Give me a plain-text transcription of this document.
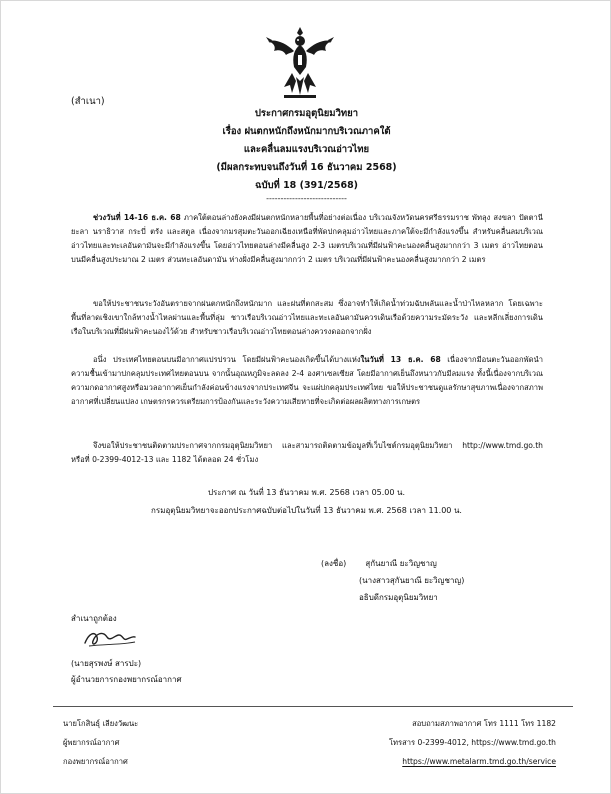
(สำเนา)
ประกาศกรมอุตุนิยมวิทยา
เรื่อง ฝนตกหนักถึงหนักมากบริเวณภาคใต้
และคลื่นลมแรงบริเวณอ่าวไทย
(มีผลกระทบจนถึงวันที่ 16 ธันวาคม 2568)
ฉบับที่ 18 (391/2568)
----------------------------

ช่วงวันที่ 14-16 ธ.ค. 68 ภาคใต้ตอนล่างยังคงมีฝนตกหนักหลายพื้นที่อย่างต่อเนื่อง บริเวณจังหวัดนครศรีธรรมราช พัทลุง สงขลา ปัตตานี ยะลา นราธิวาส กระบี่ ตรัง และสตูล เนื่องจากมรสุมตะวันออกเฉียงเหนือที่พัดปกคลุมอ่าวไทยและภาคใต้จะมีกำลังแรงขึ้น สำหรับคลื่นลมบริเวณอ่าวไทยและทะเลอันดามันจะมีกำลังแรงขึ้น โดยอ่าวไทยตอนล่างมีคลื่นสูง 2-3 เมตรบริเวณที่มีฝนฟ้าคะนองคลื่นสูงมากกว่า 3 เมตร อ่าวไทยตอนบนมีคลื่นสูงประมาณ 2 เมตร ส่วนทะเลอันดามัน ห่างฝั่งมีคลื่นสูงมากกว่า 2 เมตร บริเวณที่มีฝนฟ้าคะนองคลื่นสูงมากกว่า 2 เมตร

ขอให้ประชาชนระวังอันตรายจากฝนตกหนักถึงหนักมาก และฝนที่ตกสะสม ซึ่งอาจทำให้เกิดน้ำท่วมฉับพลันและน้ำป่าไหลหลาก โดยเฉพาะพื้นที่ลาดเชิงเขาใกล้ทางน้ำไหลผ่านและพื้นที่ลุ่ม ชาวเรือบริเวณอ่าวไทยและทะเลอันดามันควรเดินเรือด้วยความระมัดระวัง และหลีกเลี่ยงการเดินเรือในบริเวณที่มีฝนฟ้าคะนองไว้ด้วย สำหรับชาวเรือบริเวณอ่าวไทยตอนล่างควรงดออกจากฝั่ง

อนึ่ง ประเทศไทยตอนบนมีอากาศแปรปรวน โดยมีฝนฟ้าคะนองเกิดขึ้นได้บางแห่งในวันที่ 13 ธ.ค. 68 เนื่องจากมีอนตะวันออกพัดนำความชื้นเข้ามาปกคลุมประเทศไทยตอนบน จากนั้นอุณหภูมิจะลดลง 2-4 องศาเซลเซียส โดยมีอากาศเย็นถึงหนาวกับมีลมแรง ทั้งนี้เนื่องจากบริเวณความกดอากาศสูงหรือมวลอากาศเย็นกำลังค่อนข้างแรงจากประเทศจีน จะแผ่ปกคลุมประเทศไทย ขอให้ประชาชนดูแลรักษาสุขภาพเนื่องจากสภาพอากาศที่เปลี่ยนแปลง เกษตรกรควรเตรียมการป้องกันและระวังความเสียหายที่จะเกิดต่อผลผลิตทางการเกษตร

จึงขอให้ประชาชนติดตามประกาศจากกรมอุตุนิยมวิทยา และสามารถติดตามข้อมูลที่เว็บไซต์กรมอุตุนิยมวิทยา http://www.tmd.go.th หรือที่ 0-2399-4012-13 และ 1182 ได้ตลอด 24 ชั่วโมง

ประกาศ ณ วันที่ 13 ธันวาคม พ.ศ. 2568 เวลา 05.00 น.
กรมอุตุนิยมวิทยาจะออกประกาศฉบับต่อไปในวันที่ 13 ธันวาคม พ.ศ. 2568 เวลา 11.00 น.
(ลงชื่อ) สุกันยาณี ยะวิญชาญ
(นางสาวสุกันยาณี ยะวิญชาญ)
อธิบดีกรมอุตุนิยมวิทยา
สำเนาถูกต้อง
(นายสุรพงษ์ สารปะ)
ผู้อำนวยการกองพยากรณ์อากาศ
นายโกสินธุ์ เลียงวัฒนะ
ผู้พยากรณ์อากาศ
กองพยากรณ์อากาศ
สอบถามสภาพอากาศ โทร 1111 โทร 1182
โทรสาร 0-2399-4012, https://www.tmd.go.th
https://www.metalarm.tmd.go.th/service
